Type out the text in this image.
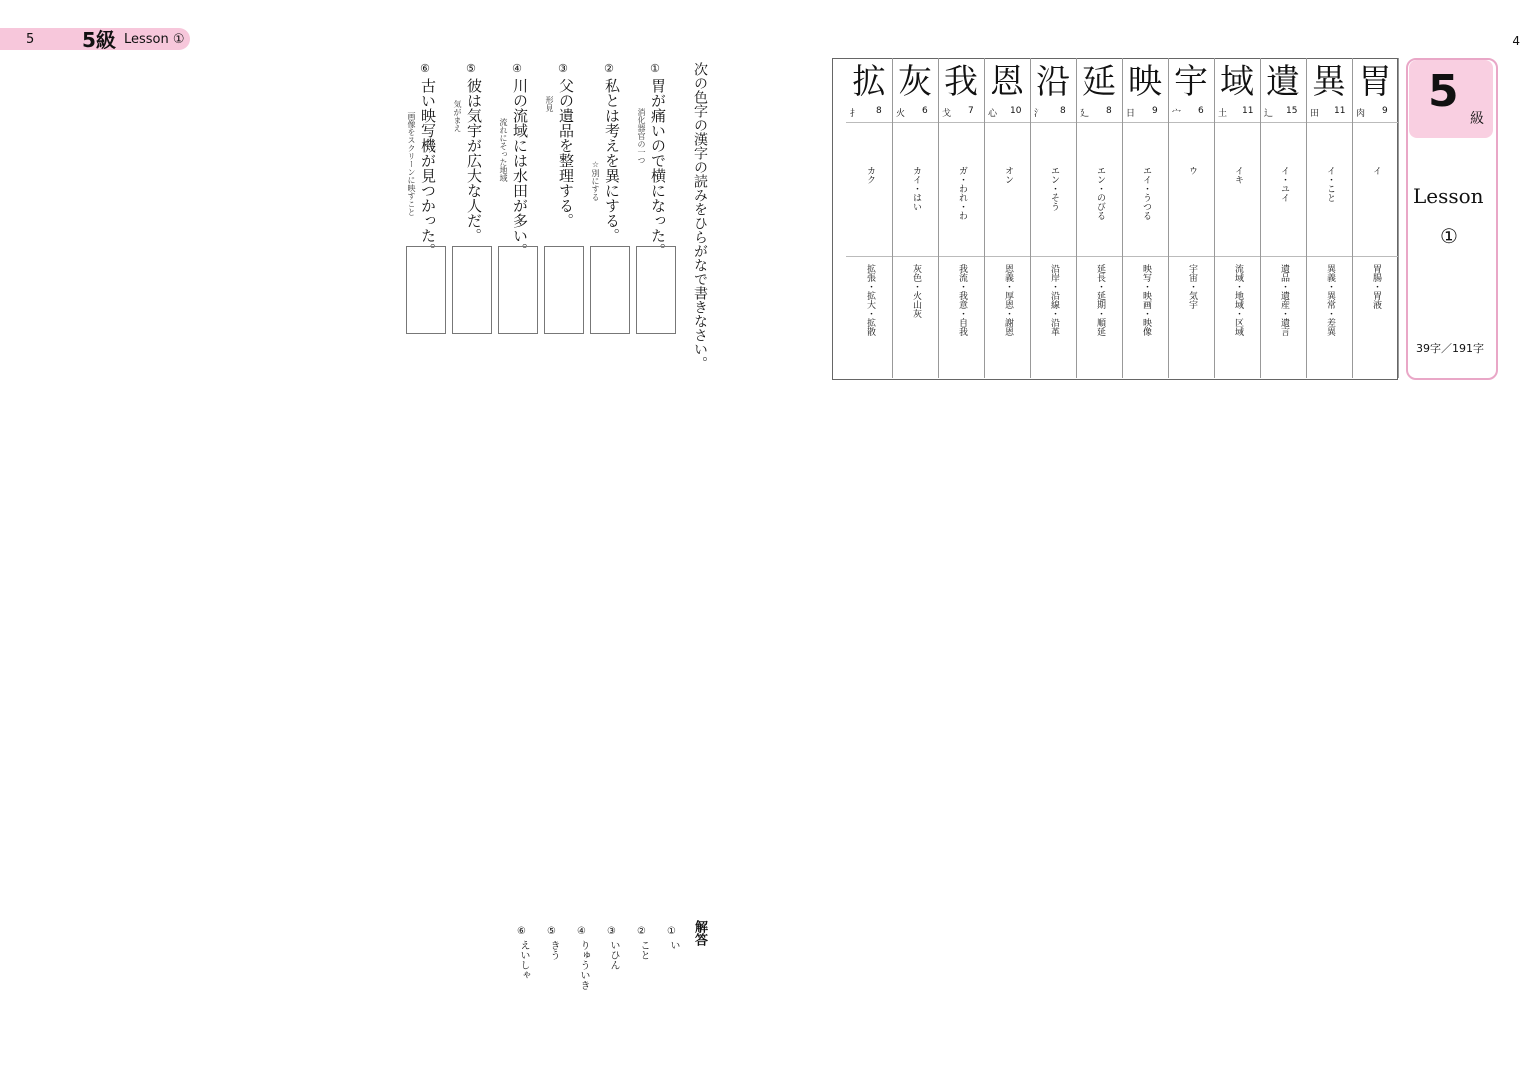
5 5級 Lesson ①
次の色字の漢字の読みをひらがなで書きなさい。
①
胃が痛いので横になった。
消化器官の一つ
②
私とは考えを異にする。
☆別にする
③
父の遺品を整理する。
形見
④
川の流域には水田が多い。
流れにそった地域
⑤
彼は気宇が広大な人だ。
気がまえ
⑥
古い映写機が見つかった。
画像をスクリーンに映すこと
解答
①
い
②
こと
③
いひん
④
りゅういき
⑤
きう
⑥
えいしゃ
4
胃
肉 9
イ
胃腸・胃液
異
田 11
イ・こと
異義・異常・差異
遺
辶 15
イ・ユイ
遺品・遺産・遺言
域
土 11
イキ
流域・地域・区域
宇
宀 6
ウ
宇宙・気宇
映
日 9
エイ・うつる
映写・映画・映像
延
廴 8
エン・のびる
延長・延期・順延
沿
氵 8
エン・そう
沿岸・沿線・沿革
恩
心 10
オン
恩義・厚恩・謝恩
我
戈 7
ガ・われ・わ
我流・我意・自我
灰
火 6
カイ・はい
灰色・火山灰
拡
扌 8
カク
拡張・拡大・拡散
5
級
Lesson
①
39字／191字
